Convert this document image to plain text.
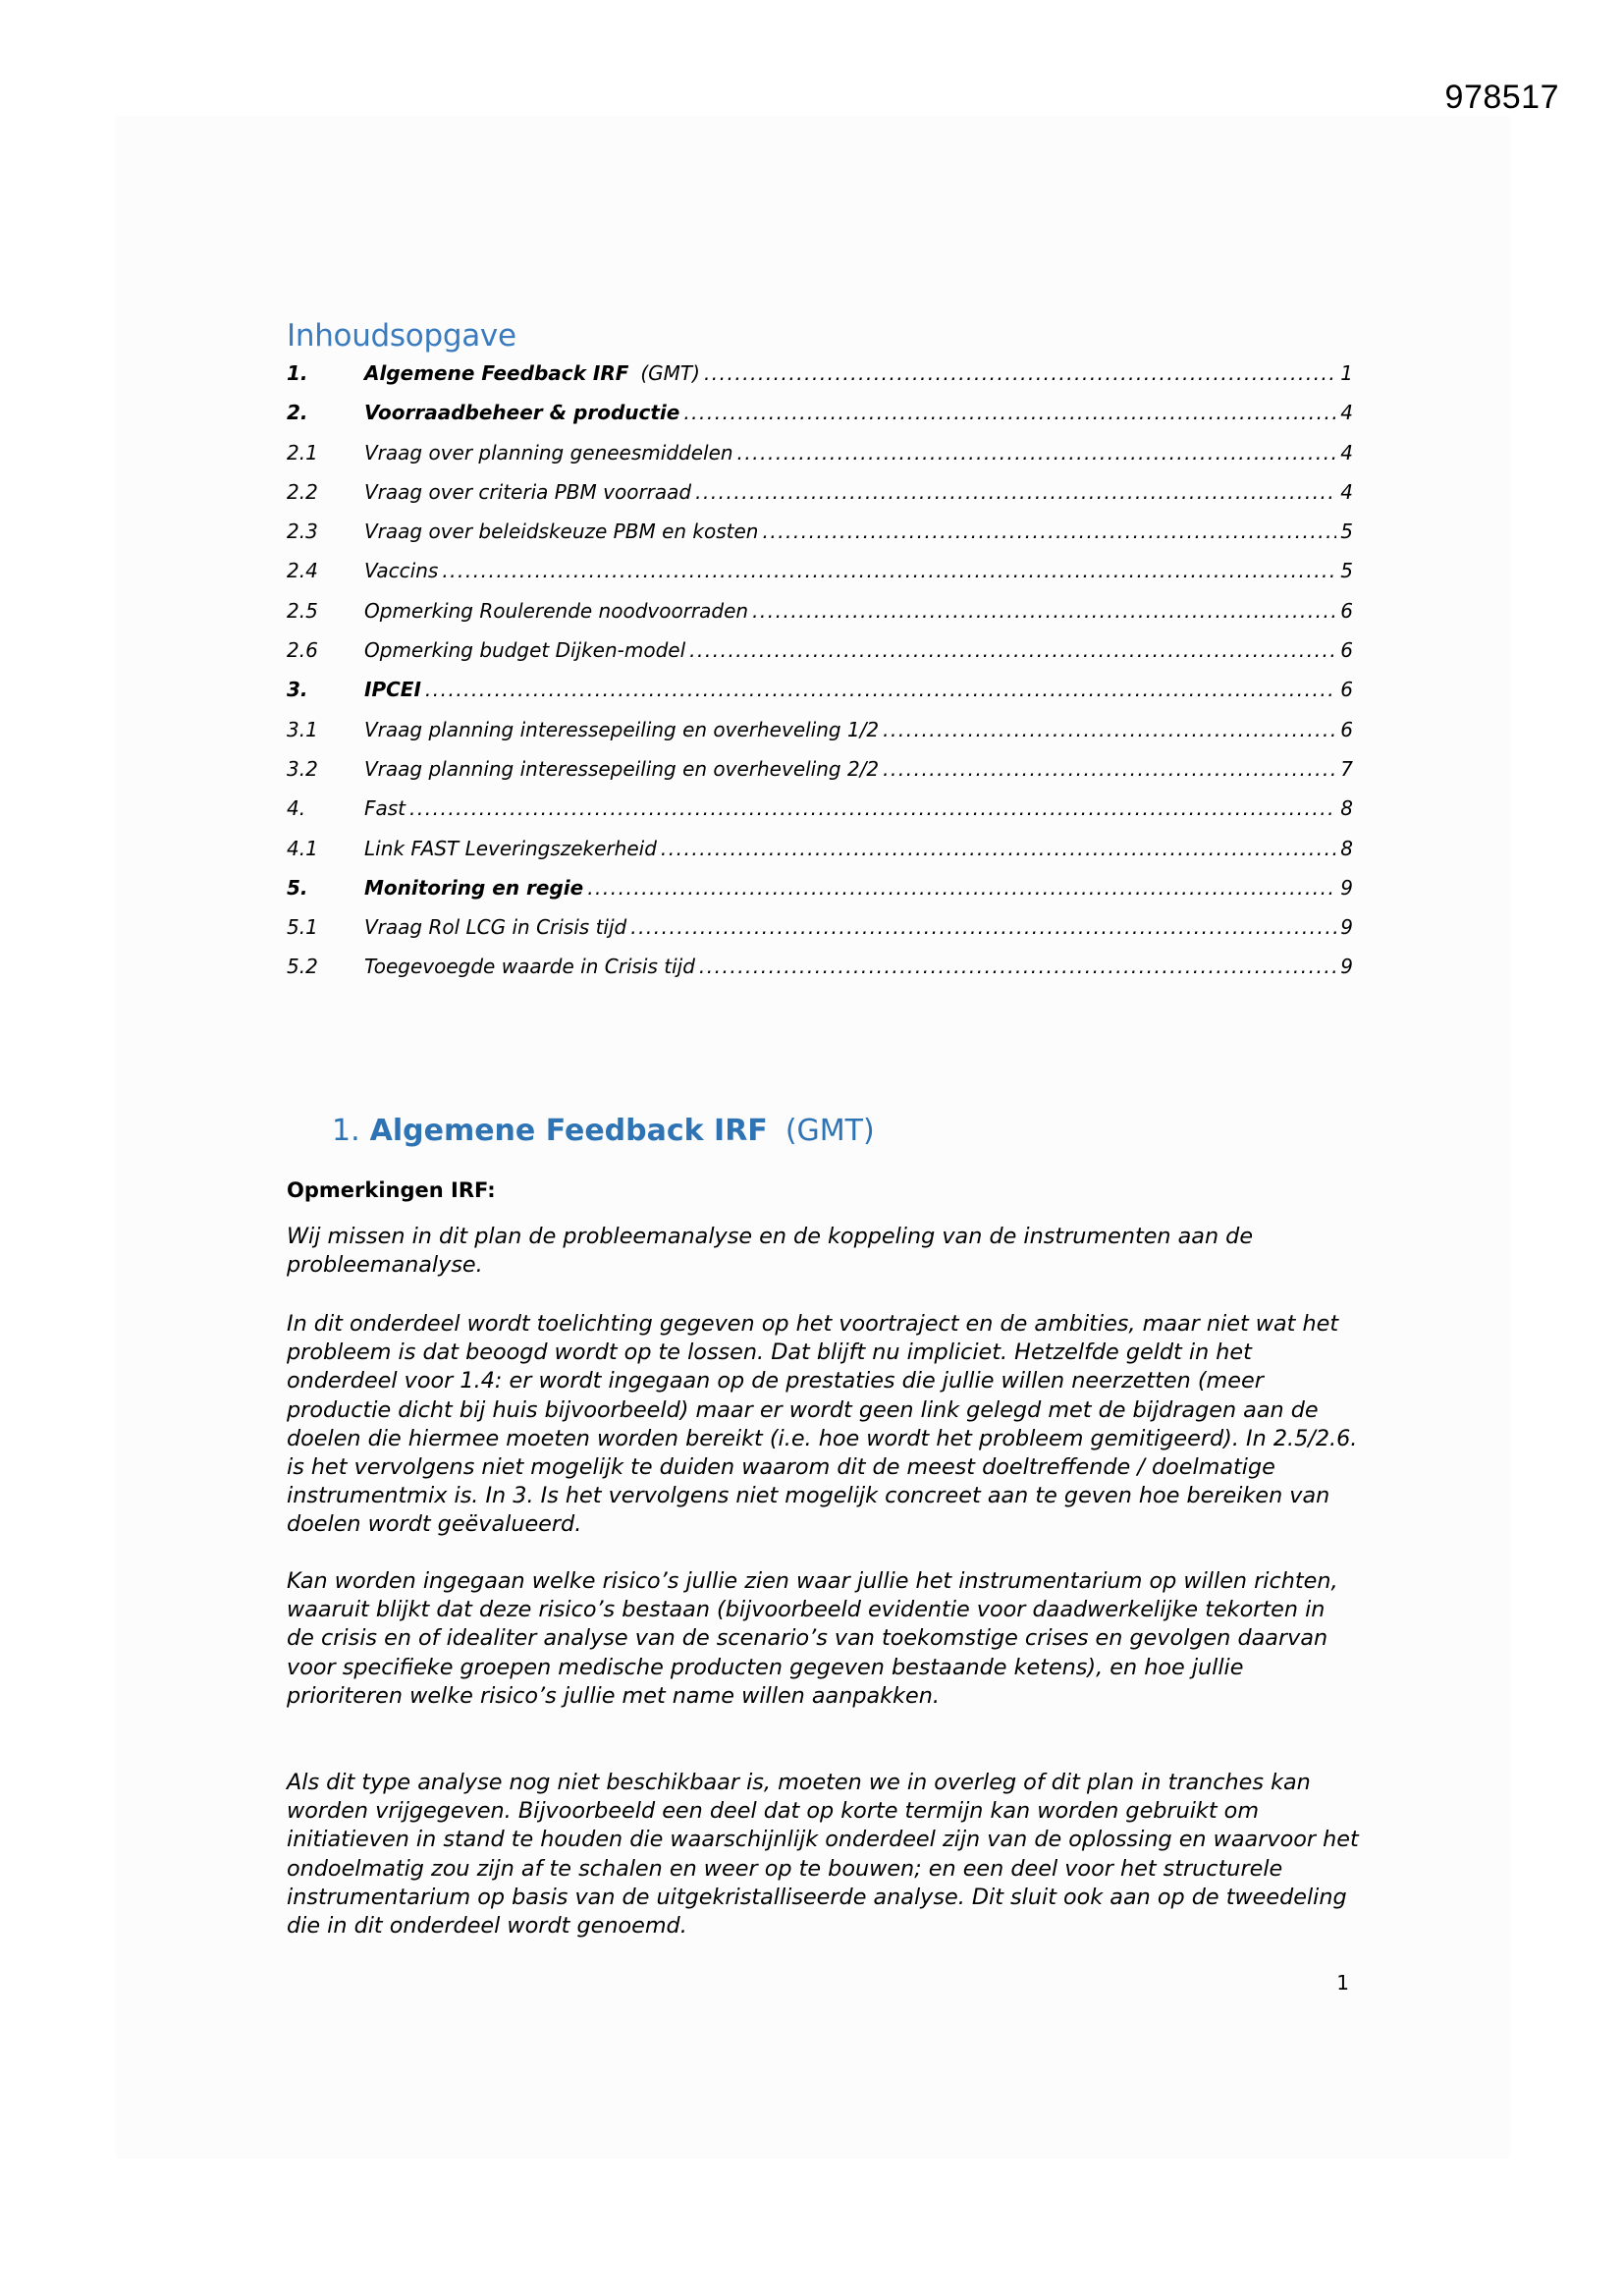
978517
Inhoudsopgave
1.	Algemene Feedback IRF (GMT) .....	1
2.	Voorraadbeheer & productie .....	4
2.1	Vraag over planning geneesmiddelen .....	4
2.2	Vraag over criteria PBM voorraad .....	4
2.3	Vraag over beleidskeuze PBM en kosten .....	5
2.4	Vaccins .....	5
2.5	Opmerking Roulerende noodvoorraden .....	6
2.6	Opmerking budget Dijken-model .....	6
3.	IPCEI .....	6
3.1	Vraag planning interessepeiling en overheveling 1/2 .....	6
3.2	Vraag planning interessepeiling en overheveling 2/2 .....	7
4.	Fast .....	8
4.1	Link FAST Leveringszekerheid .....	8
5.	Monitoring en regie .....	9
5.1	Vraag Rol LCG in Crisis tijd .....	9
5.2	Toegevoegde waarde in Crisis tijd .....	9
1. Algemene Feedback IRF (GMT)
Opmerkingen IRF:
Wij missen in dit plan de probleemanalyse en de koppeling van de instrumenten aan de probleemanalyse.
In dit onderdeel wordt toelichting gegeven op het voortraject en de ambities, maar niet wat het probleem is dat beoogd wordt op te lossen. Dat blijft nu impliciet. Hetzelfde geldt in het onderdeel voor 1.4: er wordt ingegaan op de prestaties die jullie willen neerzetten (meer productie dicht bij huis bijvoorbeeld) maar er wordt geen link gelegd met de bijdragen aan de doelen die hiermee moeten worden bereikt (i.e. hoe wordt het probleem gemitigeerd). In 2.5/2.6. is het vervolgens niet mogelijk te duiden waarom dit de meest doeltreffende / doelmatige instrumentmix is. In 3. Is het vervolgens niet mogelijk concreet aan te geven hoe bereiken van doelen wordt geëvalueerd.
Kan worden ingegaan welke risico’s jullie zien waar jullie het instrumentarium op willen richten, waaruit blijkt dat deze risico’s bestaan (bijvoorbeeld evidentie voor daadwerkelijke tekorten in de crisis en of idealiter analyse van de scenario’s van toekomstige crises en gevolgen daarvan voor specifieke groepen medische producten gegeven bestaande ketens), en hoe jullie prioriteren welke risico’s jullie met name willen aanpakken.
Als dit type analyse nog niet beschikbaar is, moeten we in overleg of dit plan in tranches kan worden vrijgegeven. Bijvoorbeeld een deel dat op korte termijn kan worden gebruikt om initiatieven in stand te houden die waarschijnlijk onderdeel zijn van de oplossing en waarvoor het ondoelmatig zou zijn af te schalen en weer op te bouwen; en een deel voor het structurele instrumentarium op basis van de uitgekristalliseerde analyse. Dit sluit ook aan op de tweedeling die in dit onderdeel wordt genoemd.
1
